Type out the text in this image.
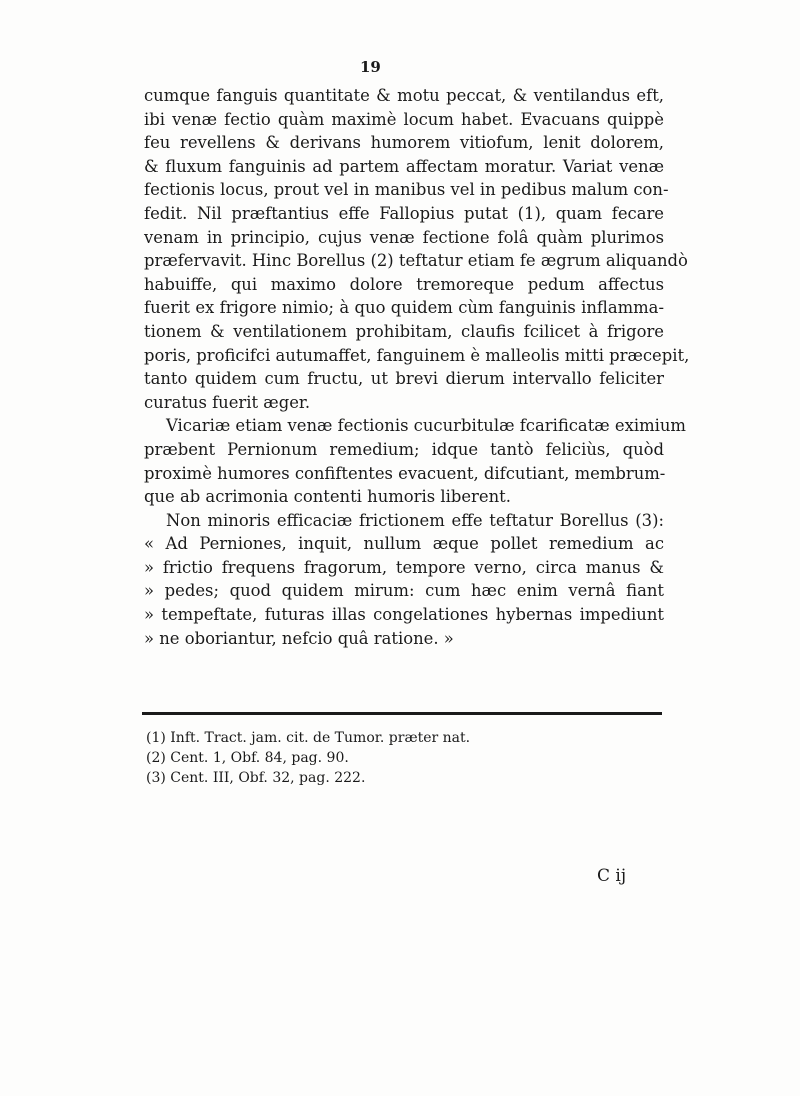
19
cumque fanguis quantitate & motu peccat, & ventilandus eft,
ibi venæ fectio quàm maximè locum habet. Evacuans quippè
feu revellens & derivans humorem vitiofum, lenit dolorem,
& fluxum fanguinis ad partem affectam moratur. Variat venæ
fectionis locus, prout vel in manibus vel in pedibus malum con-
fedit. Nil præftantius effe Fallopius putat (1), quam fecare
venam in principio, cujus venæ fectione folâ quàm plurimos
præfervavit. Hinc Borellus (2) teftatur etiam fe ægrum aliquandò
habuiffe, qui maximo dolore tremoreque pedum affectus
fuerit ex frigore nimio; à quo quidem cùm fanguinis inflamma-
tionem & ventilationem prohibitam, claufis fcilicet à frigore
poris, proficifci autumaffet, fanguinem è malleolis mitti præcepit,
tanto quidem cum fructu, ut brevi dierum intervallo feliciter
curatus fuerit æger.
Vicariæ etiam venæ fectionis cucurbitulæ fcarificatæ eximium
præbent Pernionum remedium; idque tantò feliciùs, quòd
proximè humores confiftentes evacuent, difcutiant, membrum-
que ab acrimonia contenti humoris liberent.
Non minoris efficaciæ frictionem effe teftatur Borellus (3):
« Ad Perniones, inquit, nullum æque pollet remedium ac
» frictio frequens fragorum, tempore verno, circa manus &
» pedes; quod quidem mirum: cum hæc enim vernâ fiant
» tempeftate, futuras illas congelationes hybernas impediunt
» ne oboriantur, nefcio quâ ratione. »
(1) Inft. Tract. jam. cit. de Tumor. præter nat.
(2) Cent. 1, Obf. 84, pag. 90.
(3) Cent. III, Obf. 32, pag. 222.
C ij
